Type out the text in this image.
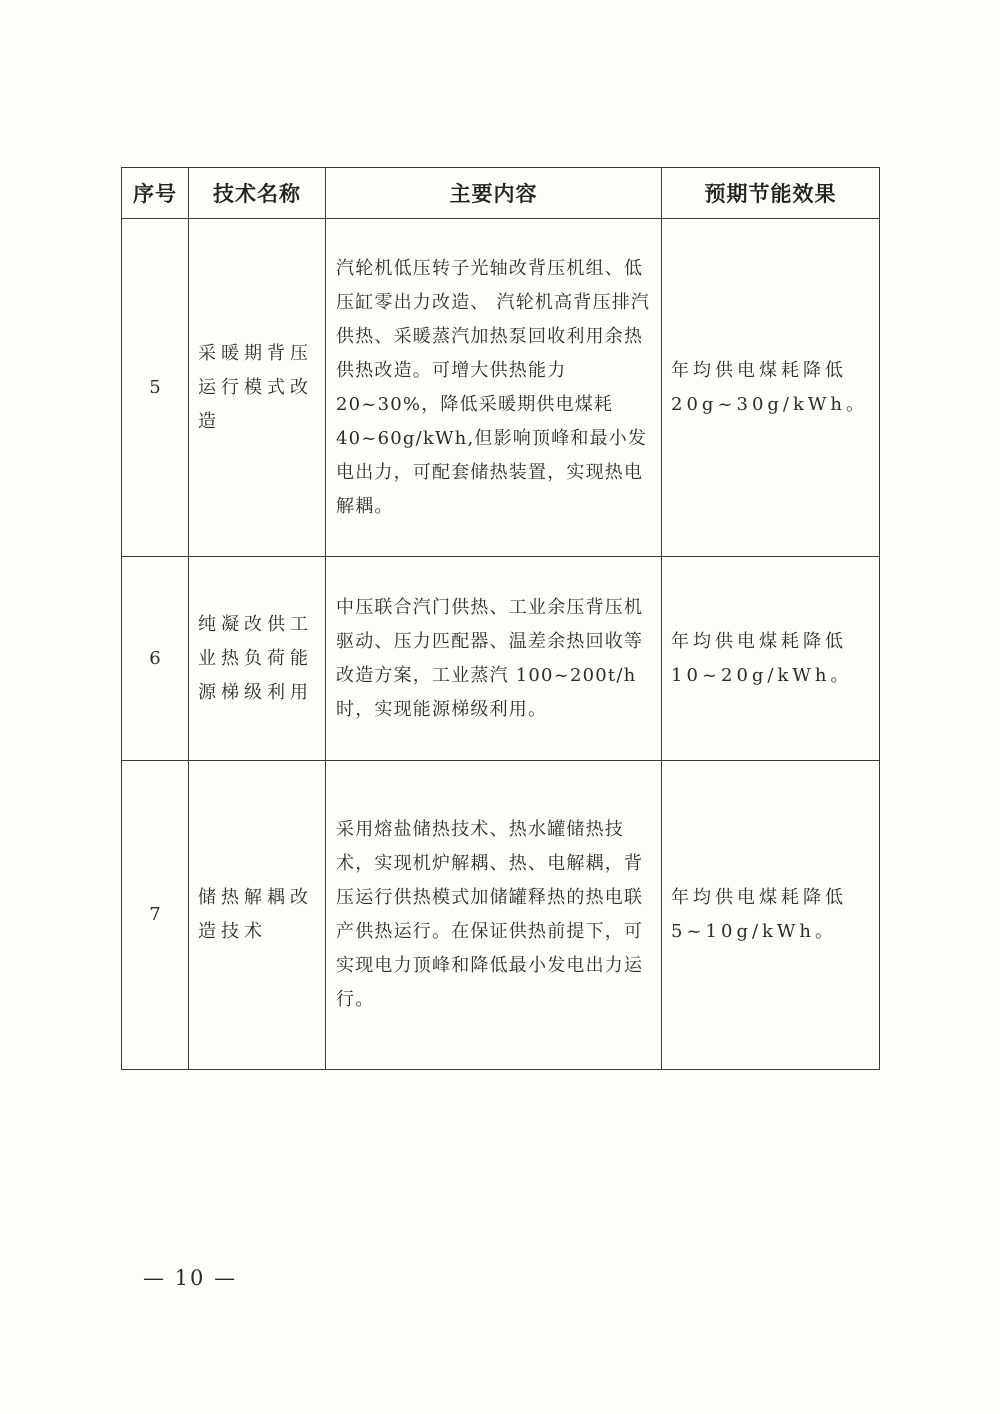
序号	技术名称	主要内容	预期节能效果
5	采暖期背压运行模式改造	汽轮机低压转子光轴改背压机组、低压缸零出力改造、 汽轮机高背压排汽供热、采暖蒸汽加热泵回收利用余热供热改造。可增大供热能力20~30%，降低采暖期供电煤耗40~60g/kWh,但影响顶峰和最小发电出力，可配套储热装置，实现热电解耦。	年均供电煤耗降低20g~30g/kWh。
6	纯凝改供工业热负荷能源梯级利用	中压联合汽门供热、工业余压背压机驱动、压力匹配器、温差余热回收等改造方案，工业蒸汽 100~200t/h 时，实现能源梯级利用。	年均供电煤耗降低10~20g/kWh。
7	储热解耦改造技术	采用熔盐储热技术、热水罐储热技术，实现机炉解耦、热、电解耦，背压运行供热模式加储罐释热的热电联产供热运行。在保证供热前提下，可实现电力顶峰和降低最小发电出力运行。	年均供电煤耗降低5~10g/kWh。
— 10 —
